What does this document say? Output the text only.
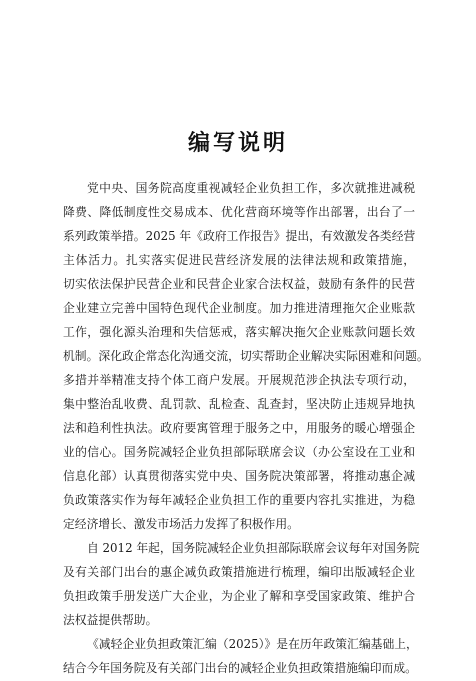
编写说明
党中央、国务院高度重视减轻企业负担工作，多次就推进减税
降费、降低制度性交易成本、优化营商环境等作出部署，出台了一
系列政策举措。2025 年《政府工作报告》提出，有效激发各类经营
主体活力。扎实落实促进民营经济发展的法律法规和政策措施，
切实依法保护民营企业和民营企业家合法权益，鼓励有条件的民营
企业建立完善中国特色现代企业制度。加力推进清理拖欠企业账款
工作，强化源头治理和失信惩戒，落实解决拖欠企业账款问题长效
机制。深化政企常态化沟通交流，切实帮助企业解决实际困难和问题。
多措并举精准支持个体工商户发展。开展规范涉企执法专项行动，
集中整治乱收费、乱罚款、乱检查、乱查封，坚决防止违规异地执
法和趋利性执法。政府要寓管理于服务之中，用服务的暖心增强企
业的信心。国务院减轻企业负担部际联席会议（办公室设在工业和
信息化部）认真贯彻落实党中央、国务院决策部署，将推动惠企减
负政策落实作为每年减轻企业负担工作的重要内容扎实推进，为稳
定经济增长、激发市场活力发挥了积极作用。
自 2012 年起，国务院减轻企业负担部际联席会议每年对国务院
及有关部门出台的惠企减负政策措施进行梳理，编印出版减轻企业
负担政策手册发送广大企业，为企业了解和享受国家政策、维护合
法权益提供帮助。
《减轻企业负担政策汇编（2025）》是在历年政策汇编基础上，
结合今年国务院及有关部门出台的减轻企业负担政策措施编印而成。
